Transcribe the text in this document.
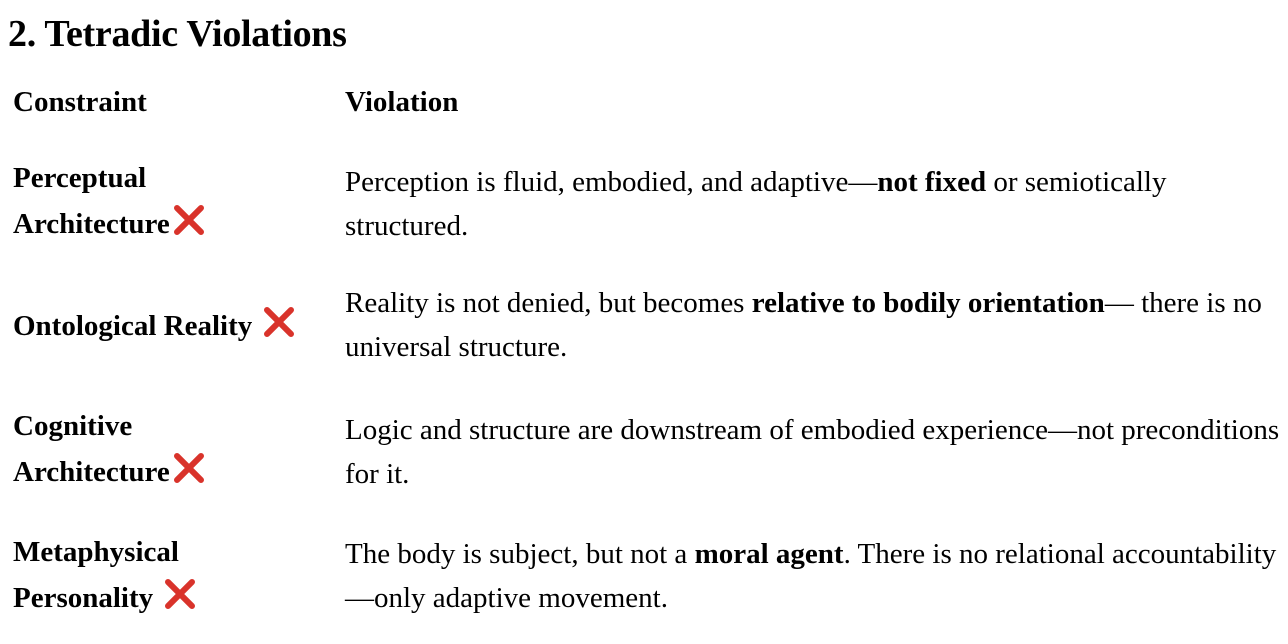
2. Tetradic Violations
Constraint	Violation
Perceptual
Architecture
Perception is fluid, embodied, and adaptive—not fixed or semiotically structured.
Ontological Reality
Reality is not denied, but becomes relative to bodily orientation— there is no universal structure.
Cognitive
Architecture
Logic and structure are downstream of embodied experience—not preconditions for it.
Metaphysical
Personality
The body is subject, but not a moral agent. There is no relational accountability—only adaptive movement.
